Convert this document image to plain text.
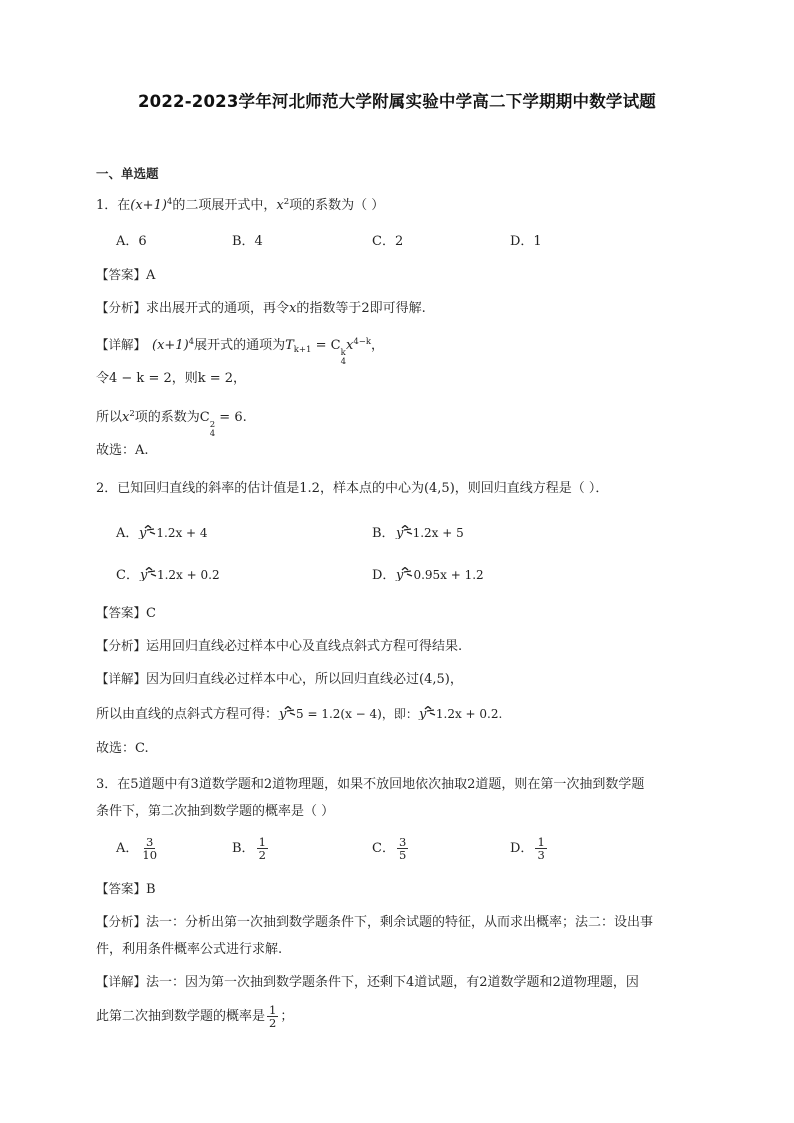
2022-2023学年河北师范大学附属实验中学高二下学期期中数学试题
一、单选题
1．在$(x+1)^4$的二项展开式中，$x^2$项的系数为（ ）
A．6	B．4	C．2	D．1
【答案】A
【分析】求出展开式的通项，再令x的指数等于2即可得解.
【详解】 $(x+1)^4$展开式的通项为$T_{k+1} = C$ k
4
$x^{4-k}$，
令4 − k = 2，则k = 2，
所以$x^2$项的系数为C 2
4
= 6.
故选：A.
2．已知回归直线的斜率的估计值是1.2，样本点的中心为(4,5)，则回归直线方程是（ ）．
A． 1.2x + 4	B． 1.2x + 5
C． 1.2x + 0.2	D． 0.95x + 1.2
【答案】C
【分析】运用回归直线必过样本中心及直线点斜式方程可得结果.
【详解】因为回归直线必过样本中心，所以回归直线必过(4,5)，
所以由直线的点斜式方程可得： 5 = 1.2(x − 4)，即： 1.2x + 0.2.
故选：C.
3．在5道题中有3道数学题和2道物理题，如果不放回地依次抽取2道题，则在第一次抽到数学题
条件下，第二次抽到数学题的概率是（ ）
A． $\frac{3}{10}$	B． $\frac{1}{2}$	C． $\frac{3}{5}$	D． $\frac{1}{3}$
【答案】B
【分析】法一：分析出第一次抽到数学题条件下，剩余试题的特征，从而求出概率；法二：设出事
件，利用条件概率公式进行求解.
【详解】法一：因为第一次抽到数学题条件下，还剩下4道试题，有2道数学题和2道物理题，因
此第二次抽到数学题的概率是 $\frac{1}{2}$ ；
